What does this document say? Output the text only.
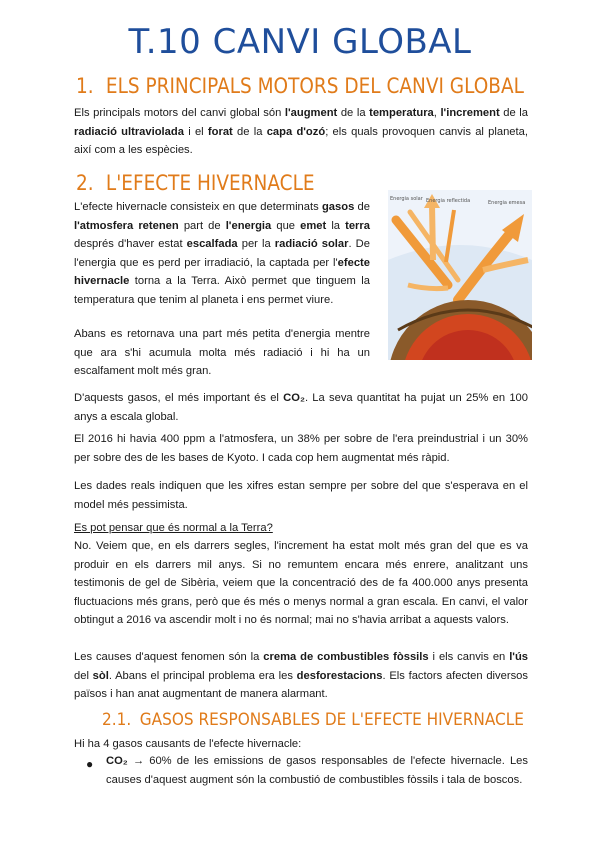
T.10 CANVI GLOBAL
1. ELS PRINCIPALS MOTORS DEL CANVI GLOBAL

Els principals motors del canvi global són l'augment de la temperatura, l'increment de la radiació ultraviolada i el forat de la capa d'ozó; els quals provoquen canvis al planeta, així com a les espècies.

2. L'EFECTE HIVERNACLE

L'efecte hivernacle consisteix en que determinats gasos de l'atmosfera retenen part de l'energia que emet la terra després d'haver estat escalfada per la radiació solar. De l'energia que es perd per irradiació, la captada per l'efecte hivernacle torna a la Terra. Això permet que tinguem la temperatura que tenim al planeta i ens permet viure.

Abans es retornava una part més petita d'energia mentre que ara s'hi acumula molta més radiació i hi ha un escalfament molt més gran.

Energia solar Energia reflectida	Energia emesa

D'aquests gasos, el més important és el CO₂. La seva quantitat ha pujat un 25% en 100 anys a escala global.

El 2016 hi havia 400 ppm a l'atmosfera, un 38% per sobre de l'era preindustrial i un 30% per sobre des de les bases de Kyoto. I cada cop hem augmentat més ràpid.

Les dades reals indiquen que les xifres estan sempre per sobre del que s'esperava en el model més pessimista.

Es pot pensar que és normal a la Terra?

No. Veiem que, en els darrers segles, l'increment ha estat molt més gran del que es va produir en els darrers mil anys. Si no remuntem encara més enrere, analitzant uns testimonis de gel de Sibèria, veiem que la concentració des de fa 400.000 anys presenta fluctuacions més grans, però que és més o menys normal a gran escala. En canvi, el valor obtingut a 2016 va ascendir molt i no és normal; mai no s'havia arribat a aquests valors.

Les causes d'aquest fenomen són la crema de combustibles fòssils i els canvis en l'ús del sòl. Abans el principal problema era les desforestacions. Els factors afecten diversos països i han anat augmentant de manera alarmant.

2.1. GASOS RESPONSABLES DE L'EFECTE HIVERNACLE

Hi ha 4 gasos causants de l'efecte hivernacle:

● CO₂ → 60% de les emissions de gasos responsables de l'efecte hivernacle. Les causes d'aquest augment són la combustió de combustibles fòssils i tala de boscos.
